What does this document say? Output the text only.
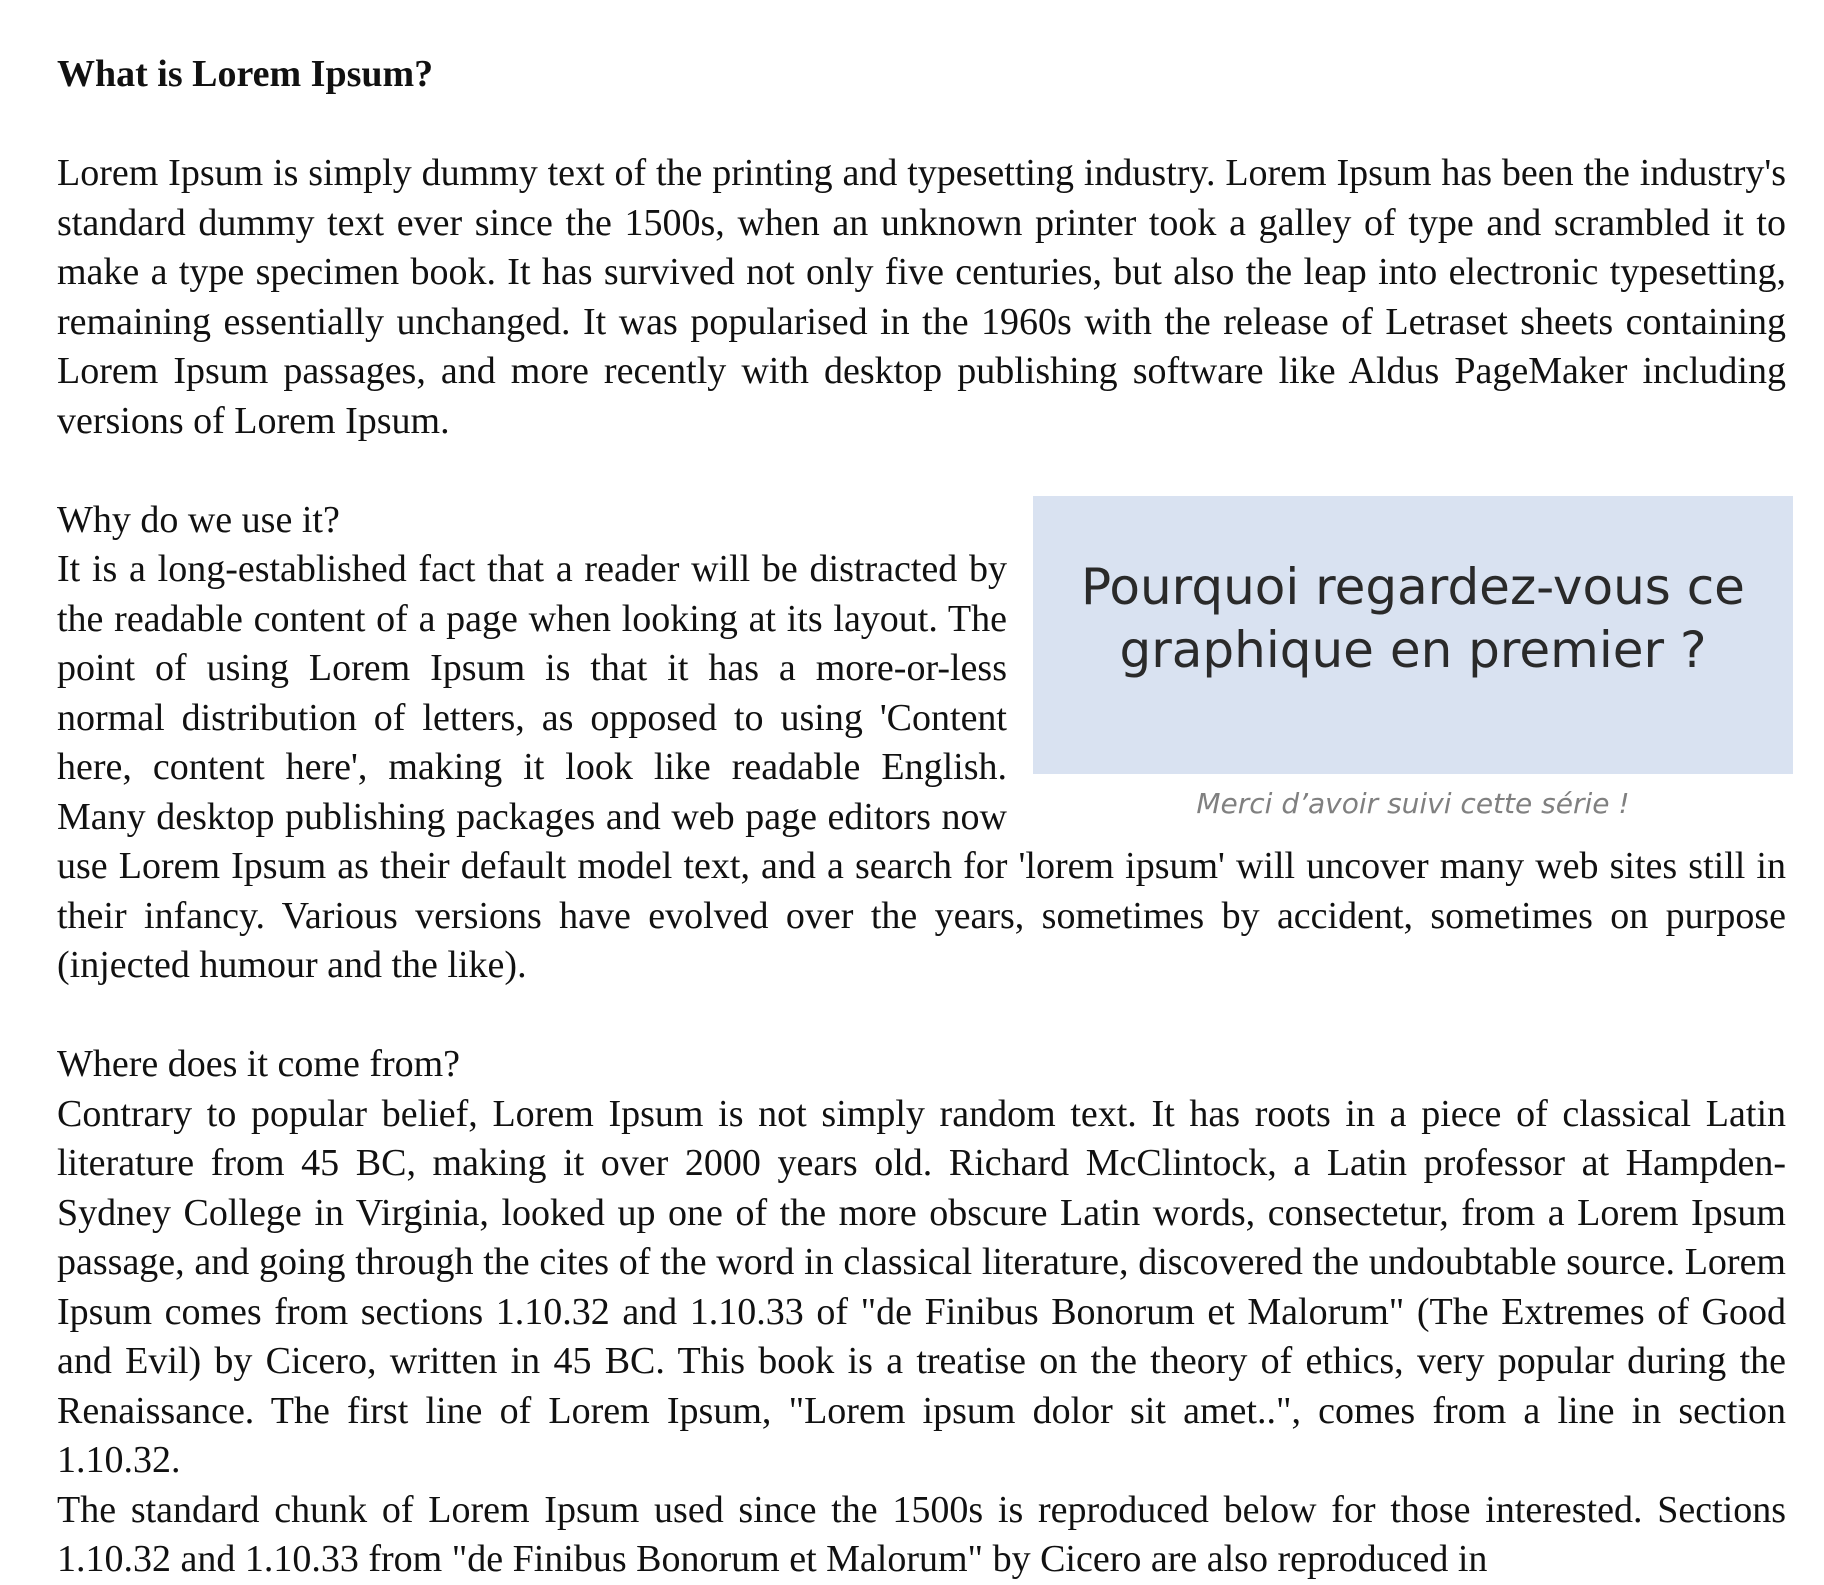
What is Lorem Ipsum?

Lorem Ipsum is simply dummy text of the printing and typesetting industry. Lorem Ipsum has been the industry's standard dummy text ever since the 1500s, when an unknown printer took a galley of type and scrambled it to make a type specimen book. It has survived not only five centuries, but also the leap into electronic typesetting, remaining essentially unchanged. It was popularised in the 1960s with the release of Letraset sheets containing Lorem Ipsum passages, and more recently with desktop publishing software like Aldus PageMaker including versions of Lorem Ipsum.

Pourquoi regardez-vous ce graphique en premier ?
Merci d’avoir suivi cette série !

Why do we use it?

It is a long-established fact that a reader will be distracted by the readable content of a page when looking at its layout. The point of using Lorem Ipsum is that it has a more-or-less normal distribution of letters, as opposed to using 'Content here, content here', making it look like readable English. Many desktop publishing packages and web page editors now use Lorem Ipsum as their default model text, and a search for 'lorem ipsum' will uncover many web sites still in their infancy. Various versions have evolved over the years, sometimes by accident, sometimes on purpose (injected humour and the like).

Where does it come from?

Contrary to popular belief, Lorem Ipsum is not simply random text. It has roots in a piece of classical Latin literature from 45 BC, making it over 2000 years old. Richard McClintock, a Latin professor at Hampden-Sydney College in Virginia, looked up one of the more obscure Latin words, consectetur, from a Lorem Ipsum passage, and going through the cites of the word in classical literature, discovered the undoubtable source. Lorem Ipsum comes from sections 1.10.32 and 1.10.33 of "de Finibus Bonorum et Malorum" (The Extremes of Good and Evil) by Cicero, written in 45 BC. This book is a treatise on the theory of ethics, very popular during the Renaissance. The first line of Lorem Ipsum, "Lorem ipsum dolor sit amet..", comes from a line in section 1.10.32.

The standard chunk of Lorem Ipsum used since the 1500s is reproduced below for those interested. Sections 1.10.32 and 1.10.33 from "de Finibus Bonorum et Malorum" by Cicero are also reproduced in
